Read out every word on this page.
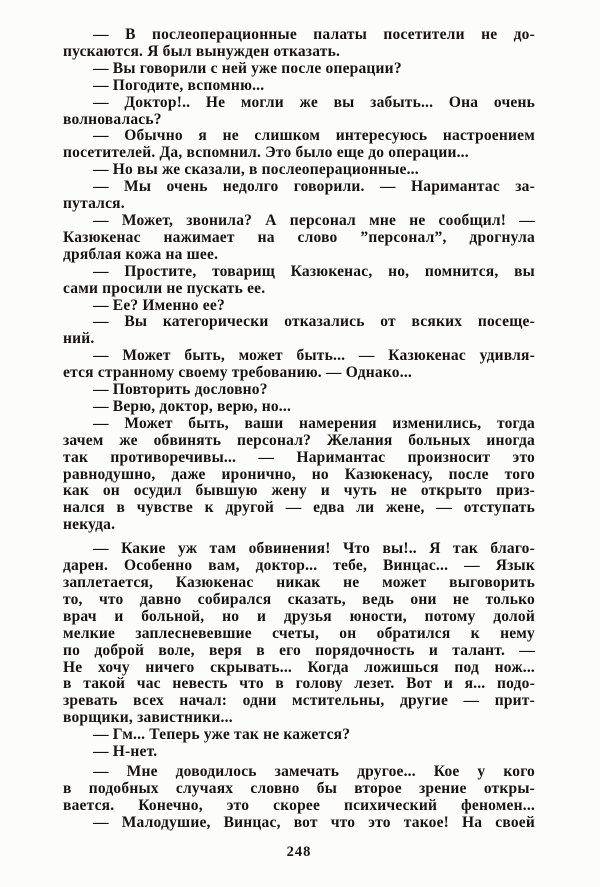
— В послеоперационные палаты посетители не до-
пускаются. Я был вынужден отказать.
— Вы говорили с ней уже после операции?
— Погодите, вспомню...
— Доктор!.. Не могли же вы забыть... Она очень
волновалась?
— Обычно я не слишком интересуюсь настроением
посетителей. Да, вспомнил. Это было еще до операции...
— Но вы же сказали, в послеоперационные...
— Мы очень недолго говорили. — Наримантас за-
путался.
— Может, звонила? А персонал мне не сообщил! —
Казюкенас нажимает на слово ”персонал”, дрогнула
дряблая кожа на шее.
— Простите, товарищ Казюкенас, но, помнится, вы
сами просили не пускать ее.
— Ее? Именно ее?
— Вы категорически отказались от всяких посеще-
ний.
— Может быть, может быть... — Казюкенас удивля-
ется странному своему требованию. — Однако...
— Повторить дословно?
— Верю, доктор, верю, но...
— Может быть, ваши намерения изменились, тогда
зачем же обвинять персонал? Желания больных иногда
так противоречивы... — Наримантас произносит это
равнодушно, даже иронично, но Казюкенасу, после того
как он осудил бывшую жену и чуть не открыто приз-
нался в чувстве к другой — едва ли жене, — отступать
некуда.
— Какие уж там обвинения! Что вы!.. Я так благо-
дарен. Особенно вам, доктор... тебе, Винцас... — Язык
заплетается, Казюкенас никак не может выговорить
то, что давно собирался сказать, ведь они не только
врач и больной, но и друзья юности, потому долой
мелкие заплесневевшие счеты, он обратился к нему
по доброй воле, веря в его порядочность и талант. —
Не хочу ничего скрывать... Когда ложишься под нож...
в такой час невесть что в голову лезет. Вот и я... подо-
зревать всех начал: одни мстительны, другие — прит-
ворщики, завистники...
— Гм... Теперь уже так не кажется?
— Н-нет.
— Мне доводилось замечать другое... Кое у кого
в подобных случаях словно бы второе зрение откры-
вается. Конечно, это скорее психический феномен...
— Малодушие, Винцас, вот что это такое! На своей
248
